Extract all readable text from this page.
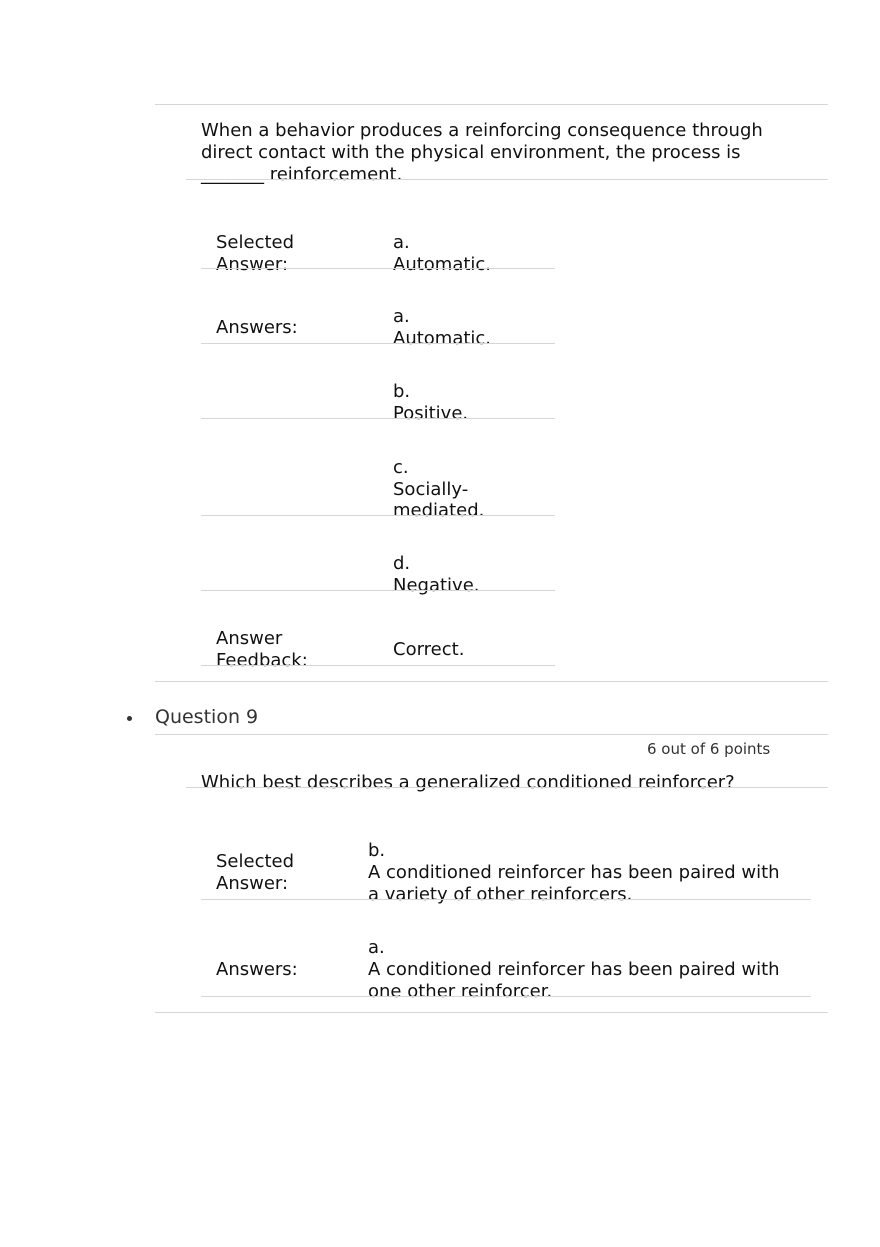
When a behavior produces a reinforcing consequence through
direct contact with the physical environment, the process is
_______ reinforcement.
Selected
Answer:
a.
Automatic.
Answers:
a.
Automatic.
b.
Positive.
c.
Socially-
mediated.
d.
Negative.
Answer
Feedback:
Correct.
Question 9
6 out of 6 points
Which best describes a generalized conditioned reinforcer?
Selected
Answer:
b.
A conditioned reinforcer has been paired with
a variety of other reinforcers.
Answers:
a.
A conditioned reinforcer has been paired with
one other reinforcer.
